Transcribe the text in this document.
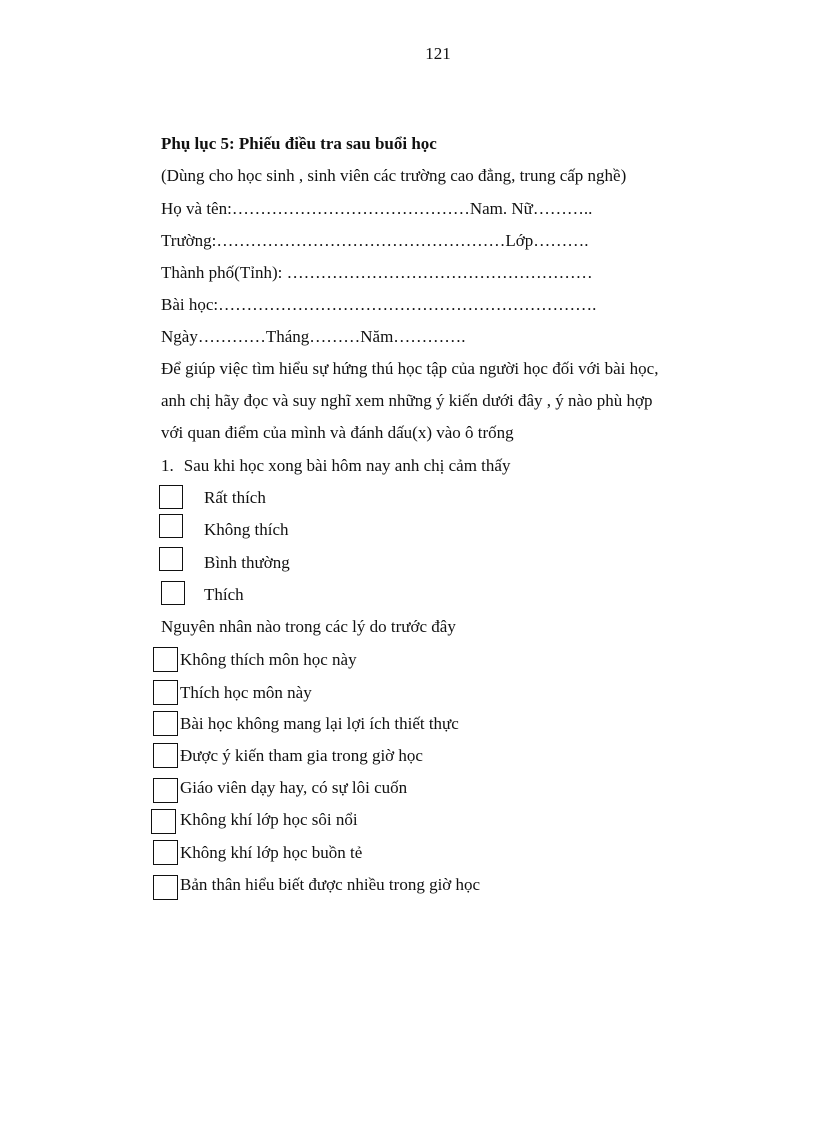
121
Phụ lục 5: Phiếu điều tra sau buổi học
(Dùng cho học sinh , sinh viên các trường cao đẳng, trung cấp nghề)
Họ và tên:……………………………………Nam. Nữ………..
Trường:……………………………………………Lớp……….
Thành phố(Tỉnh): ………………………………………………
Bài học:………………………………………………………….
Ngày…………Tháng………Năm………….
Để giúp việc tìm hiểu sự hứng thú học tập của người học đối với bài học,
anh chị hãy đọc và suy nghĩ xem những ý kiến dưới đây , ý nào phù hợp
với quan điểm của mình và đánh dấu(x) vào ô trống
1. Sau khi học xong bài hôm nay anh chị cảm thấy
Rất thích
Không thích
Bình thường
Thích
Nguyên nhân nào trong các lý do trước đây
Không thích môn học này
Thích học môn này
Bài học không mang lại lợi ích thiết thực
Được ý kiến tham gia trong giờ học
Giáo viên dạy hay, có sự lôi cuốn
Không khí lớp học sôi nổi
Không khí lớp học buồn tẻ
Bản thân hiểu biết được nhiều trong giờ học
